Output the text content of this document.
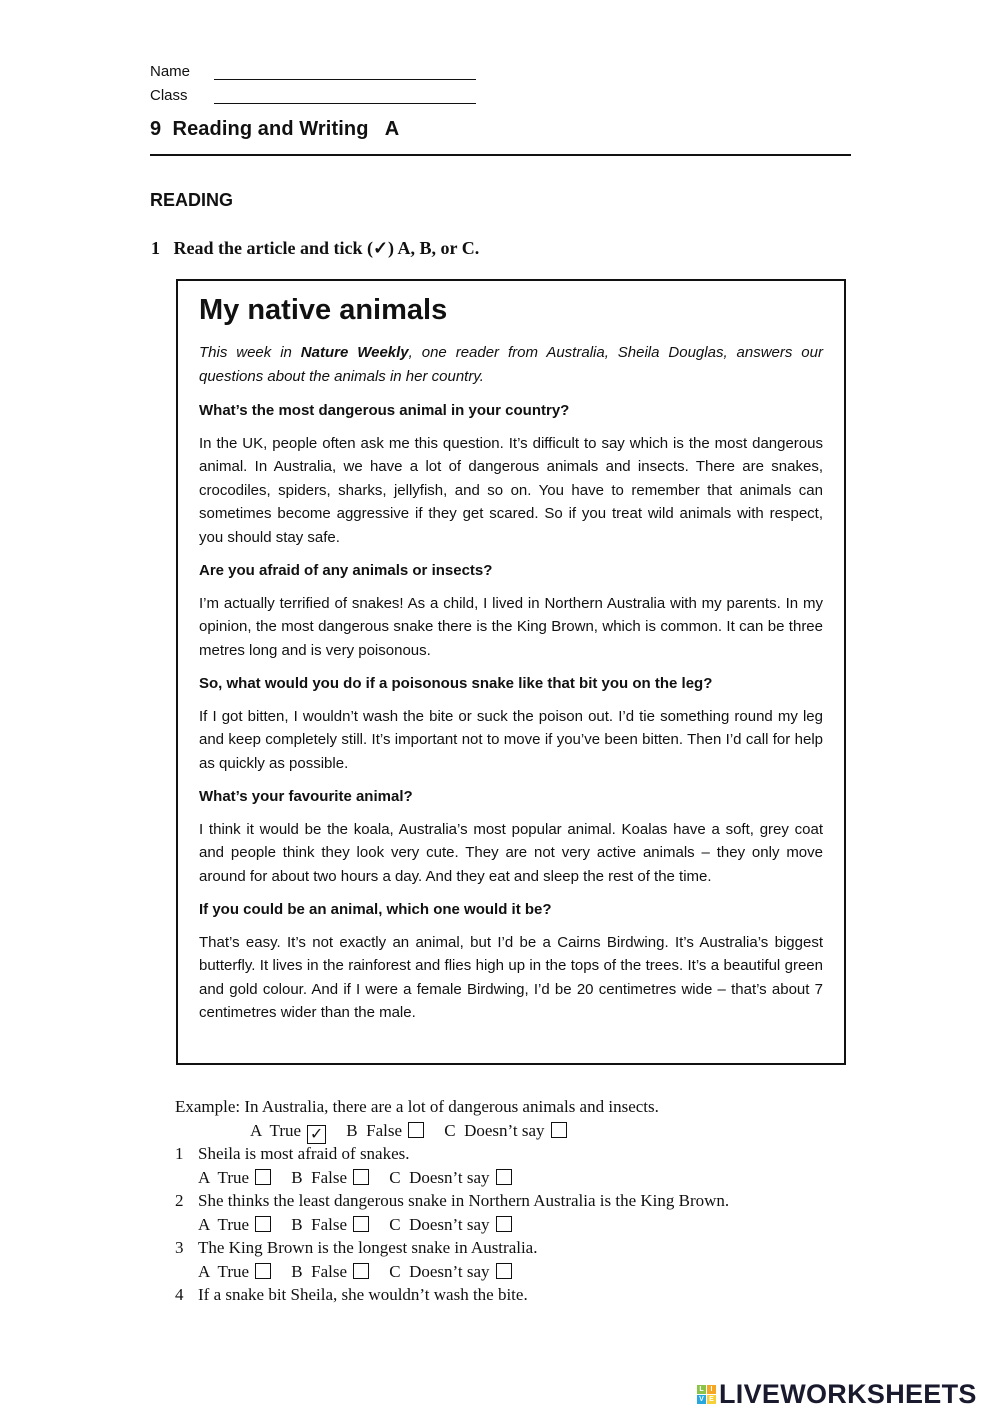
Name
Class
9  Reading and Writing   A
READING
1   Read the article and tick (✓) A, B, or C.
My native animals

This week in Nature Weekly, one reader from Australia, Sheila Douglas, answers our questions about the animals in her country.

What’s the most dangerous animal in your country?

In the UK, people often ask me this question. It’s difficult to say which is the most dangerous animal. In Australia, we have a lot of dangerous animals and insects. There are snakes, crocodiles, spiders, sharks, jellyfish, and so on. You have to remember that animals can sometimes become aggressive if they get scared. So if you treat wild animals with respect, you should stay safe.

Are you afraid of any animals or insects?

I’m actually terrified of snakes! As a child, I lived in Northern Australia with my parents. In my opinion, the most dangerous snake there is the King Brown, which is common. It can be three metres long and is very poisonous.

So, what would you do if a poisonous snake like that bit you on the leg?

If I got bitten, I wouldn’t wash the bite or suck the poison out. I’d tie something round my leg and keep completely still. It’s important not to move if you’ve been bitten. Then I’d call for help as quickly as possible.

What’s your favourite animal?

I think it would be the koala, Australia’s most popular animal. Koalas have a soft, grey coat and people think they look very cute. They are not very active animals – they only move around for about two hours a day. And they eat and sleep the rest of the time.

If you could be an animal, which one would it be?

That’s easy. It’s not exactly an animal, but I’d be a Cairns Birdwing. It’s Australia’s biggest butterfly. It lives in the rainforest and flies high up in the tops of the trees. It’s a beautiful green and gold colour. And if I were a female Birdwing, I’d be 20 centimetres wide – that’s about 7 centimetres wider than the male.

Example: In Australia, there are a lot of dangerous animals and insects.
A  True ✓ B  False C  Doesn’t say
1 Sheila is most afraid of snakes.
A  True B  False C  Doesn’t say
2 She thinks the least dangerous snake in Northern Australia is the King Brown.
A  True B  False C  Doesn’t say
3 The King Brown is the longest snake in Australia.
A  True B  False C  Doesn’t say
4 If a snake bit Sheila, she wouldn’t wash the bite.
L I
V E LIVEWORKSHEETS
